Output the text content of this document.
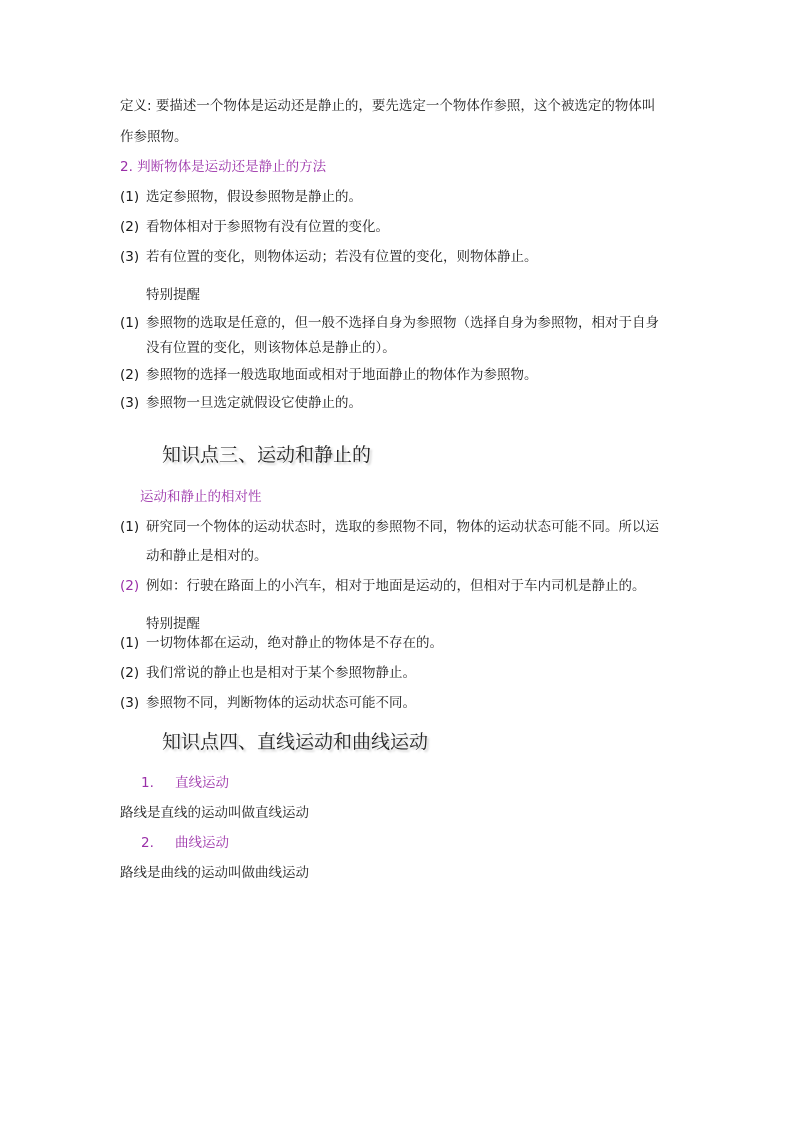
定义: 要描述一个物体是运动还是静止的，要先选定一个物体作参照，这个被选定的物体叫
作参照物。
2. 判断物体是运动还是静止的方法
(1) 选定参照物，假设参照物是静止的。
(2) 看物体相对于参照物有没有位置的变化。
(3) 若有位置的变化，则物体运动；若没有位置的变化，则物体静止。
特别提醒
(1) 参照物的选取是任意的，但一般不选择自身为参照物（选择自身为参照物，相对于自身
没有位置的变化，则该物体总是静止的）。
(2) 参照物的选择一般选取地面或相对于地面静止的物体作为参照物。
(3) 参照物一旦选定就假设它使静止的。
知识点三、运动和静止的
运动和静止的相对性
(1) 研究同一个物体的运动状态时，选取的参照物不同，物体的运动状态可能不同。所以运
动和静止是相对的。
(2) 例如：行驶在路面上的小汽车，相对于地面是运动的，但相对于车内司机是静止的。
特别提醒
(1) 一切物体都在运动，绝对静止的物体是不存在的。
(2) 我们常说的静止也是相对于某个参照物静止。
(3) 参照物不同，判断物体的运动状态可能不同。
知识点四、直线运动和曲线运动
1. 直线运动
路线是直线的运动叫做直线运动
2. 曲线运动
路线是曲线的运动叫做曲线运动
